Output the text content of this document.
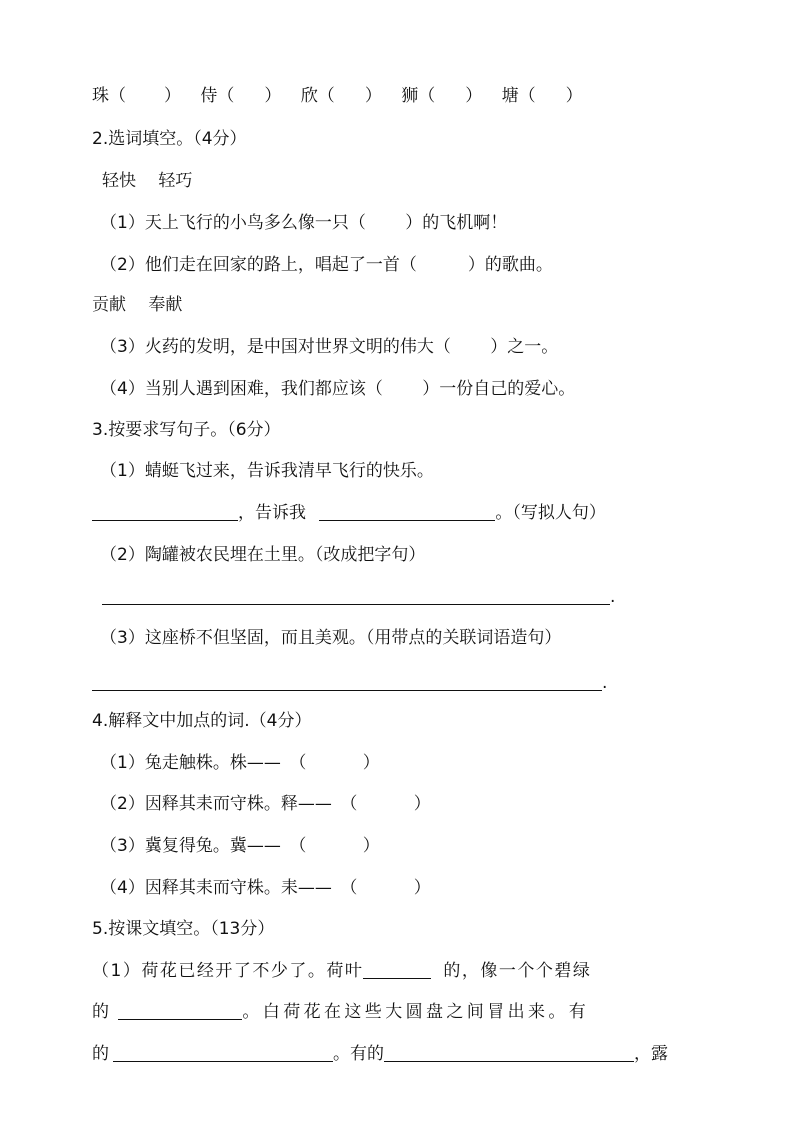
珠（ ） 侍（ ） 欣（ ） 狮（ ） 塘（ ）
2.选词填空。（4分）
轻快　 轻巧
（1）天上飞行的小鸟多么像一只（　　 ）的飞机啊！
（2）他们走在回家的路上，唱起了一首（　　　）的歌曲。
贡献　 奉献
（3）火药的发明，是中国对世界文明的伟大（　　 ）之一。
（4）当别人遇到困难，我们都应该（　　 ）一份自己的爱心。
3.按要求写句子。（6分）
（1）蜻蜓飞过来，告诉我清早飞行的快乐。
，告诉我	。（写拟人句）
（2）陶罐被农民埋在土里。（改成把字句）
.
（3）这座桥不但坚固，而且美观。（用带点的关联词语造句）
.
4.解释文中加点的词.（4分）
（1）兔走触株。株——　（　　　 ）
（2）因释其耒而守株。释——　（　　　 ）
（3）冀复得兔。冀——　（　　　 ）
（4）因释其耒而守株。耒——　（　　　 ）
5.按课文填空。（13分）
（1）荷花已经开了不少了。荷叶	的，像一个个碧绿
的	。白荷花在这些大圆盘之间冒出来。有
的	。有的	，露
